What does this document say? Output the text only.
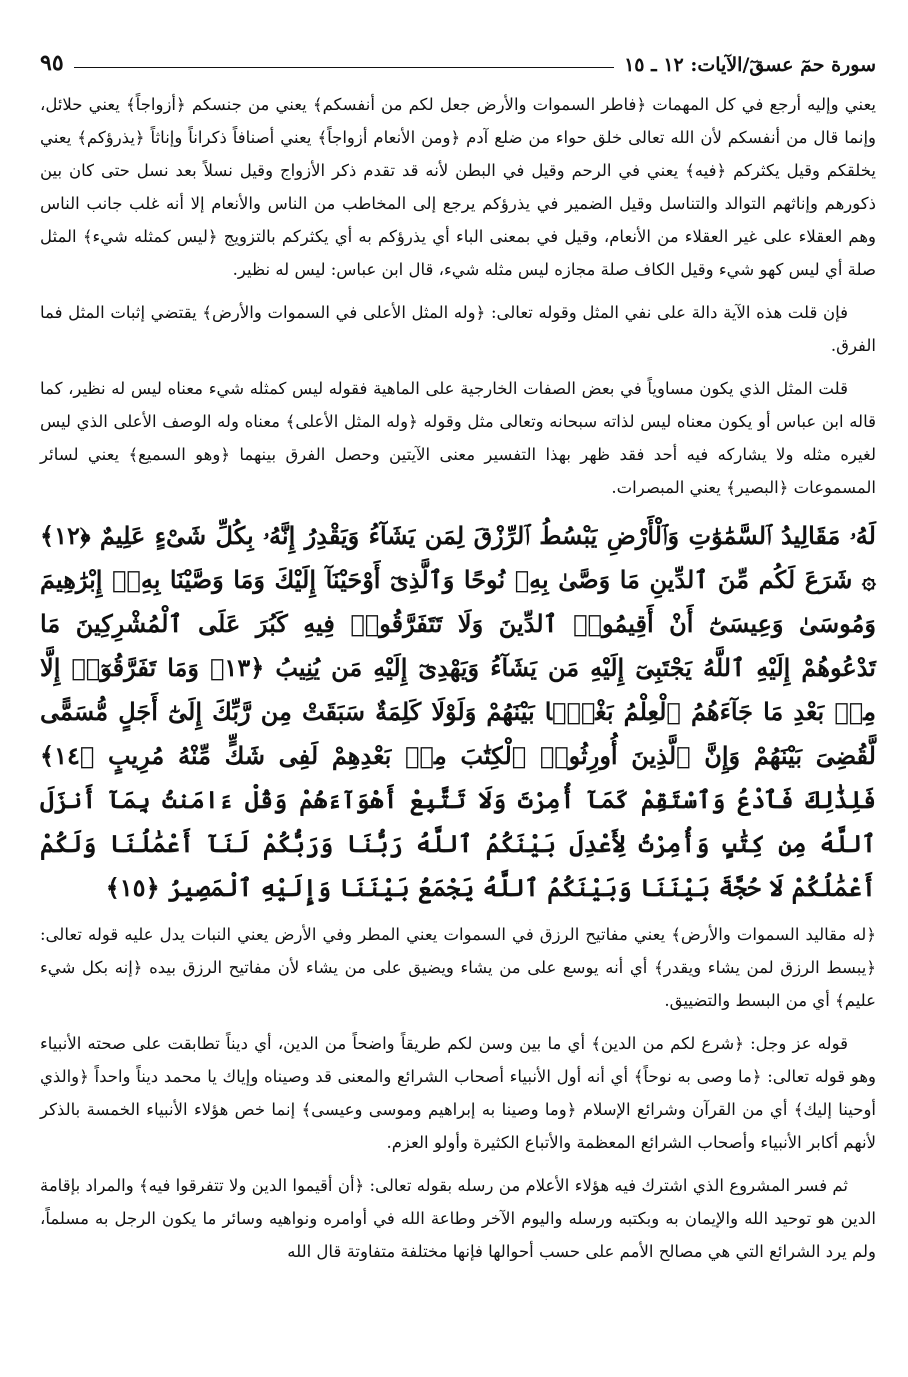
سورة حمٓ عسقٓ/الآيات: ١٢ ـ ١٥
٩٥

يعني وإليه أرجع في كل المهمات ﴿فاطر السموات والأرض جعل لكم من أنفسكم﴾ يعني من جنسكم ﴿أزواجاً﴾ يعني حلائل، وإنما قال من أنفسكم لأن الله تعالى خلق حواء من ضلع آدم ﴿ومن الأنعام أزواجاً﴾ يعني أصنافاً ذكراناً وإناثاً ﴿يذرؤكم﴾ يعني يخلقكم وقيل يكثركم ﴿فيه﴾ يعني في الرحم وقيل في البطن لأنه قد تقدم ذكر الأزواج وقيل نسلاً بعد نسل حتى كان بين ذكورهم وإناثهم التوالد والتناسل وقيل الضمير في يذرؤكم يرجع إلى المخاطب من الناس والأنعام إلا أنه غلب جانب الناس وهم العقلاء على غير العقلاء من الأنعام، وقيل في بمعنى الباء أي يذرؤكم به أي يكثركم بالتزويج ﴿ليس كمثله شيء﴾ المثل صلة أي ليس كهو شيء وقيل الكاف صلة مجازه ليس مثله شيء، قال ابن عباس: ليس له نظير.

فإن قلت هذه الآية دالة على نفي المثل وقوله تعالى: ﴿وله المثل الأعلى في السموات والأرض﴾ يقتضي إثبات المثل فما الفرق.

قلت المثل الذي يكون مساوياً في بعض الصفات الخارجية على الماهية فقوله ليس كمثله شيء معناه ليس له نظير، كما قاله ابن عباس أو يكون معناه ليس لذاته سبحانه وتعالى مثل وقوله ﴿وله المثل الأعلى﴾ معناه وله الوصف الأعلى الذي ليس لغيره مثله ولا يشاركه فيه أحد فقد ظهر بهذا التفسير معنى الآيتين وحصل الفرق بينهما ﴿وهو السميع﴾ يعني لسائر المسموعات ﴿البصير﴾ يعني المبصرات.

لَهُۥ مَقَالِيدُ ٱلسَّمَٰوَٰتِ وَٱلْأَرْضِ يَبْسُطُ ٱلرِّزْقَ لِمَن يَشَآءُ وَيَقْدِرُ إِنَّهُۥ بِكُلِّ شَىْءٍ عَلِيمٌ ﴿١٢﴾ ۞ شَرَعَ لَكُم مِّنَ ٱلدِّينِ مَا وَصَّىٰ بِهِۦ نُوحًا وَٱلَّذِىٓ أَوْحَيْنَآ إِلَيْكَ وَمَا وَصَّيْنَا بِهِۦٓ إِبْرَٰهِيمَ وَمُوسَىٰ وَعِيسَىٰٓ أَنْ أَقِيمُوا۟ ٱلدِّينَ وَلَا تَتَفَرَّقُوا۟ فِيهِ كَبُرَ عَلَى ٱلْمُشْرِكِينَ مَا تَدْعُوهُمْ إِلَيْهِ ٱللَّهُ يَجْتَبِىٓ إِلَيْهِ مَن يَشَآءُ وَيَهْدِىٓ إِلَيْهِ مَن يُنِيبُ ﴿١٣﴾ وَمَا تَفَرَّقُوٓا۟ إِلَّا مِنۢ بَعْدِ مَا جَآءَهُمُ ٱلْعِلْمُ بَغْيًۢا بَيْنَهُمْ وَلَوْلَا كَلِمَةٌ سَبَقَتْ مِن رَّبِّكَ إِلَىٰٓ أَجَلٍ مُّسَمًّى لَّقُضِىَ بَيْنَهُمْ وَإِنَّ ٱلَّذِينَ أُورِثُوا۟ ٱلْكِتَٰبَ مِنۢ بَعْدِهِمْ لَفِى شَكٍّ مِّنْهُ مُرِيبٍ ﴿١٤﴾ فَلِذَٰلِكَ فَٱدْعُ وَٱسْتَقِمْ كَمَآ أُمِرْتَ وَلَا تَتَّبِعْ أَهْوَآءَهُمْ وَقُلْ ءَامَنتُ بِمَآ أَنزَلَ ٱللَّهُ مِن كِتَٰبٍ وَأُمِرْتُ لِأَعْدِلَ بَيْنَكُمُ ٱللَّهُ رَبُّنَا وَرَبُّكُمْ لَنَآ أَعْمَٰلُنَا وَلَكُمْ أَعْمَٰلُكُمْ لَا حُجَّةَ بَيْنَنَا وَبَيْنَكُمُ ٱللَّهُ يَجْمَعُ بَيْنَنَا وَإِلَيْهِ ٱلْمَصِيرُ ﴿١٥﴾

﴿له مقاليد السموات والأرض﴾ يعني مفاتيح الرزق في السموات يعني المطر وفي الأرض يعني النبات يدل عليه قوله تعالى: ﴿يبسط الرزق لمن يشاء ويقدر﴾ أي أنه يوسع على من يشاء ويضيق على من يشاء لأن مفاتيح الرزق بيده ﴿إنه بكل شيء عليم﴾ أي من البسط والتضييق.

قوله عز وجل: ﴿شرع لكم من الدين﴾ أي ما بين وسن لكم طريقاً واضحاً من الدين، أي ديناً تطابقت على صحته الأنبياء وهو قوله تعالى: ﴿ما وصى به نوحاً﴾ أي أنه أول الأنبياء أصحاب الشرائع والمعنى قد وصيناه وإياك يا محمد ديناً واحداً ﴿والذي أوحينا إليك﴾ أي من القرآن وشرائع الإسلام ﴿وما وصينا به إبراهيم وموسى وعيسى﴾ إنما خص هؤلاء الأنبياء الخمسة بالذكر لأنهم أكابر الأنبياء وأصحاب الشرائع المعظمة والأتباع الكثيرة وأولو العزم.

ثم فسر المشروع الذي اشترك فيه هؤلاء الأعلام من رسله بقوله تعالى: ﴿أن أقيموا الدين ولا تتفرقوا فيه﴾ والمراد بإقامة الدين هو توحيد الله والإيمان به وبكتبه ورسله واليوم الآخر وطاعة الله في أوامره ونواهيه وسائر ما يكون الرجل به مسلماً، ولم يرد الشرائع التي هي مصالح الأمم على حسب أحوالها فإنها مختلفة متفاوتة قال الله
